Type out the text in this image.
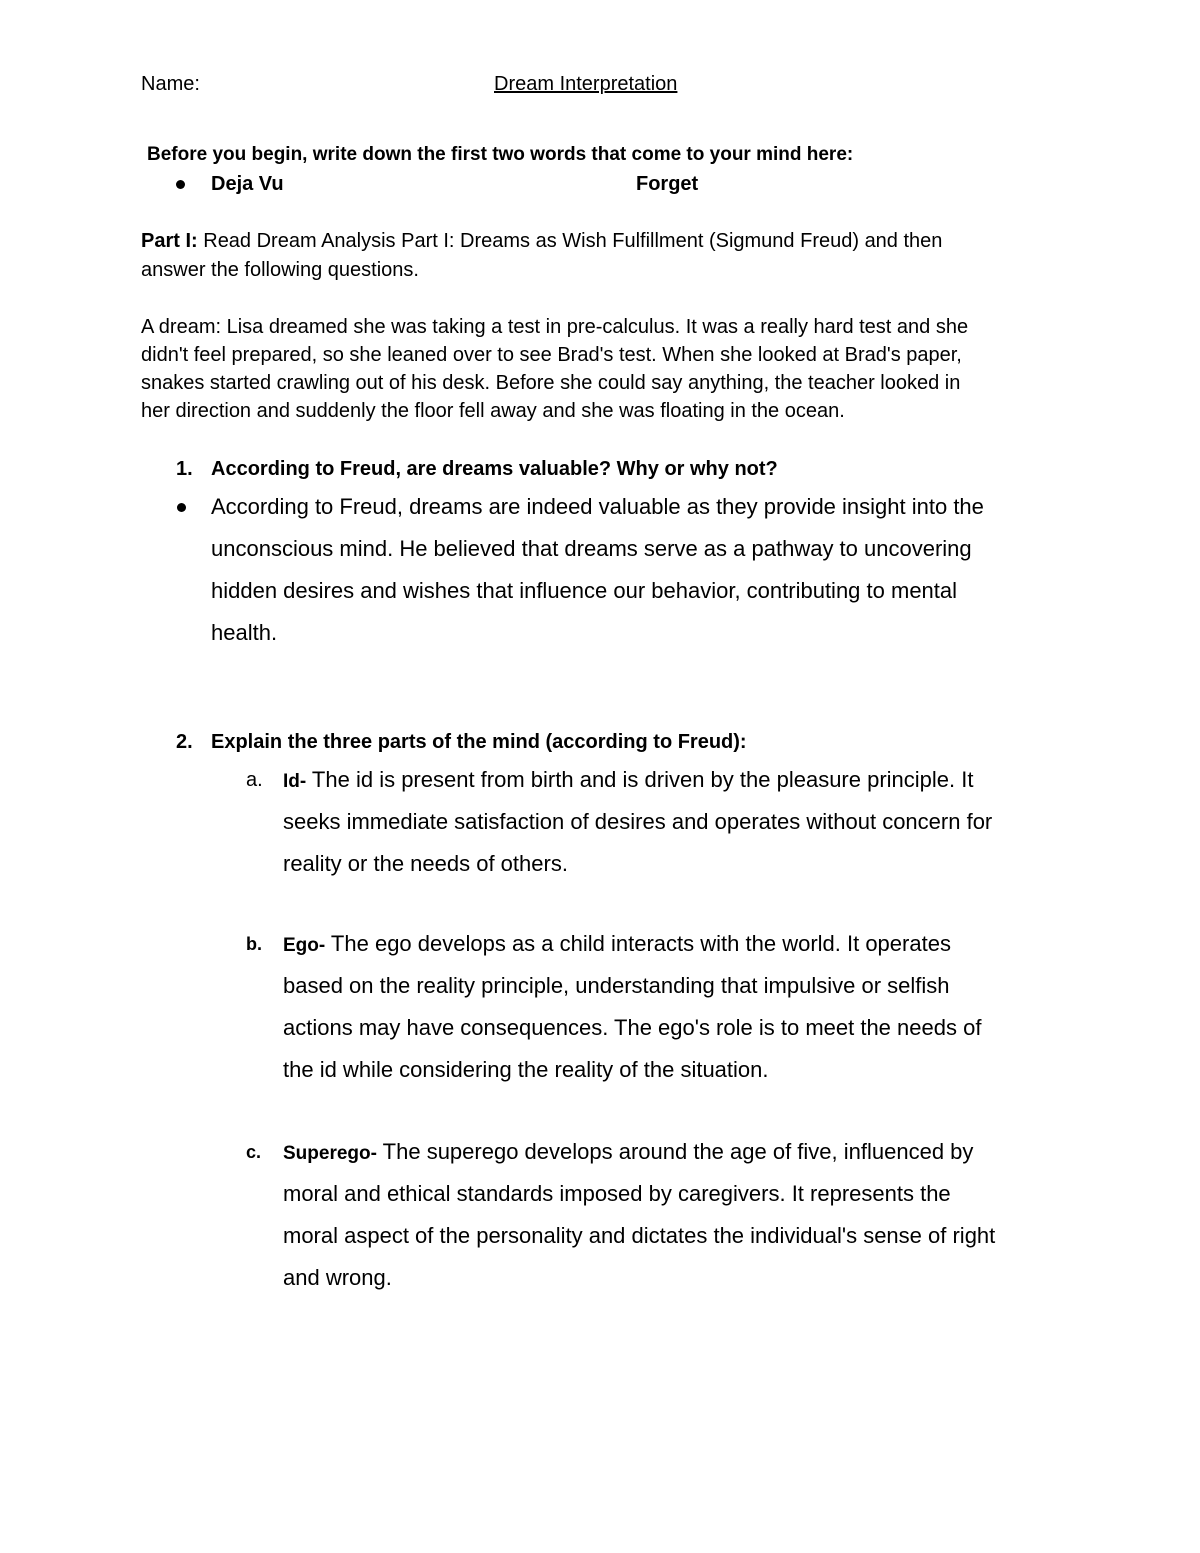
Name:	Dream Interpretation
Before you begin, write down the first two words that come to your mind here:
Deja Vu	Forget
Part I: Read Dream Analysis Part I: Dreams as Wish Fulfillment (Sigmund Freud) and then
answer the following questions.
A dream: Lisa dreamed she was taking a test in pre-calculus. It was a really hard test and she
didn't feel prepared, so she leaned over to see Brad's test. When she looked at Brad's paper,
snakes started crawling out of his desk. Before she could say anything, the teacher looked in
her direction and suddenly the floor fell away and she was floating in the ocean.
1. According to Freud, are dreams valuable? Why or why not?
According to Freud, dreams are indeed valuable as they provide insight into the
unconscious mind. He believed that dreams serve as a pathway to uncovering
hidden desires and wishes that influence our behavior, contributing to mental
health.
2. Explain the three parts of the mind (according to Freud):
a. Id- The id is present from birth and is driven by the pleasure principle. It
seeks immediate satisfaction of desires and operates without concern for
reality or the needs of others.
b. Ego- The ego develops as a child interacts with the world. It operates
based on the reality principle, understanding that impulsive or selfish
actions may have consequences. The ego's role is to meet the needs of
the id while considering the reality of the situation.
c. Superego- The superego develops around the age of five, influenced by
moral and ethical standards imposed by caregivers. It represents the
moral aspect of the personality and dictates the individual's sense of right
and wrong.
